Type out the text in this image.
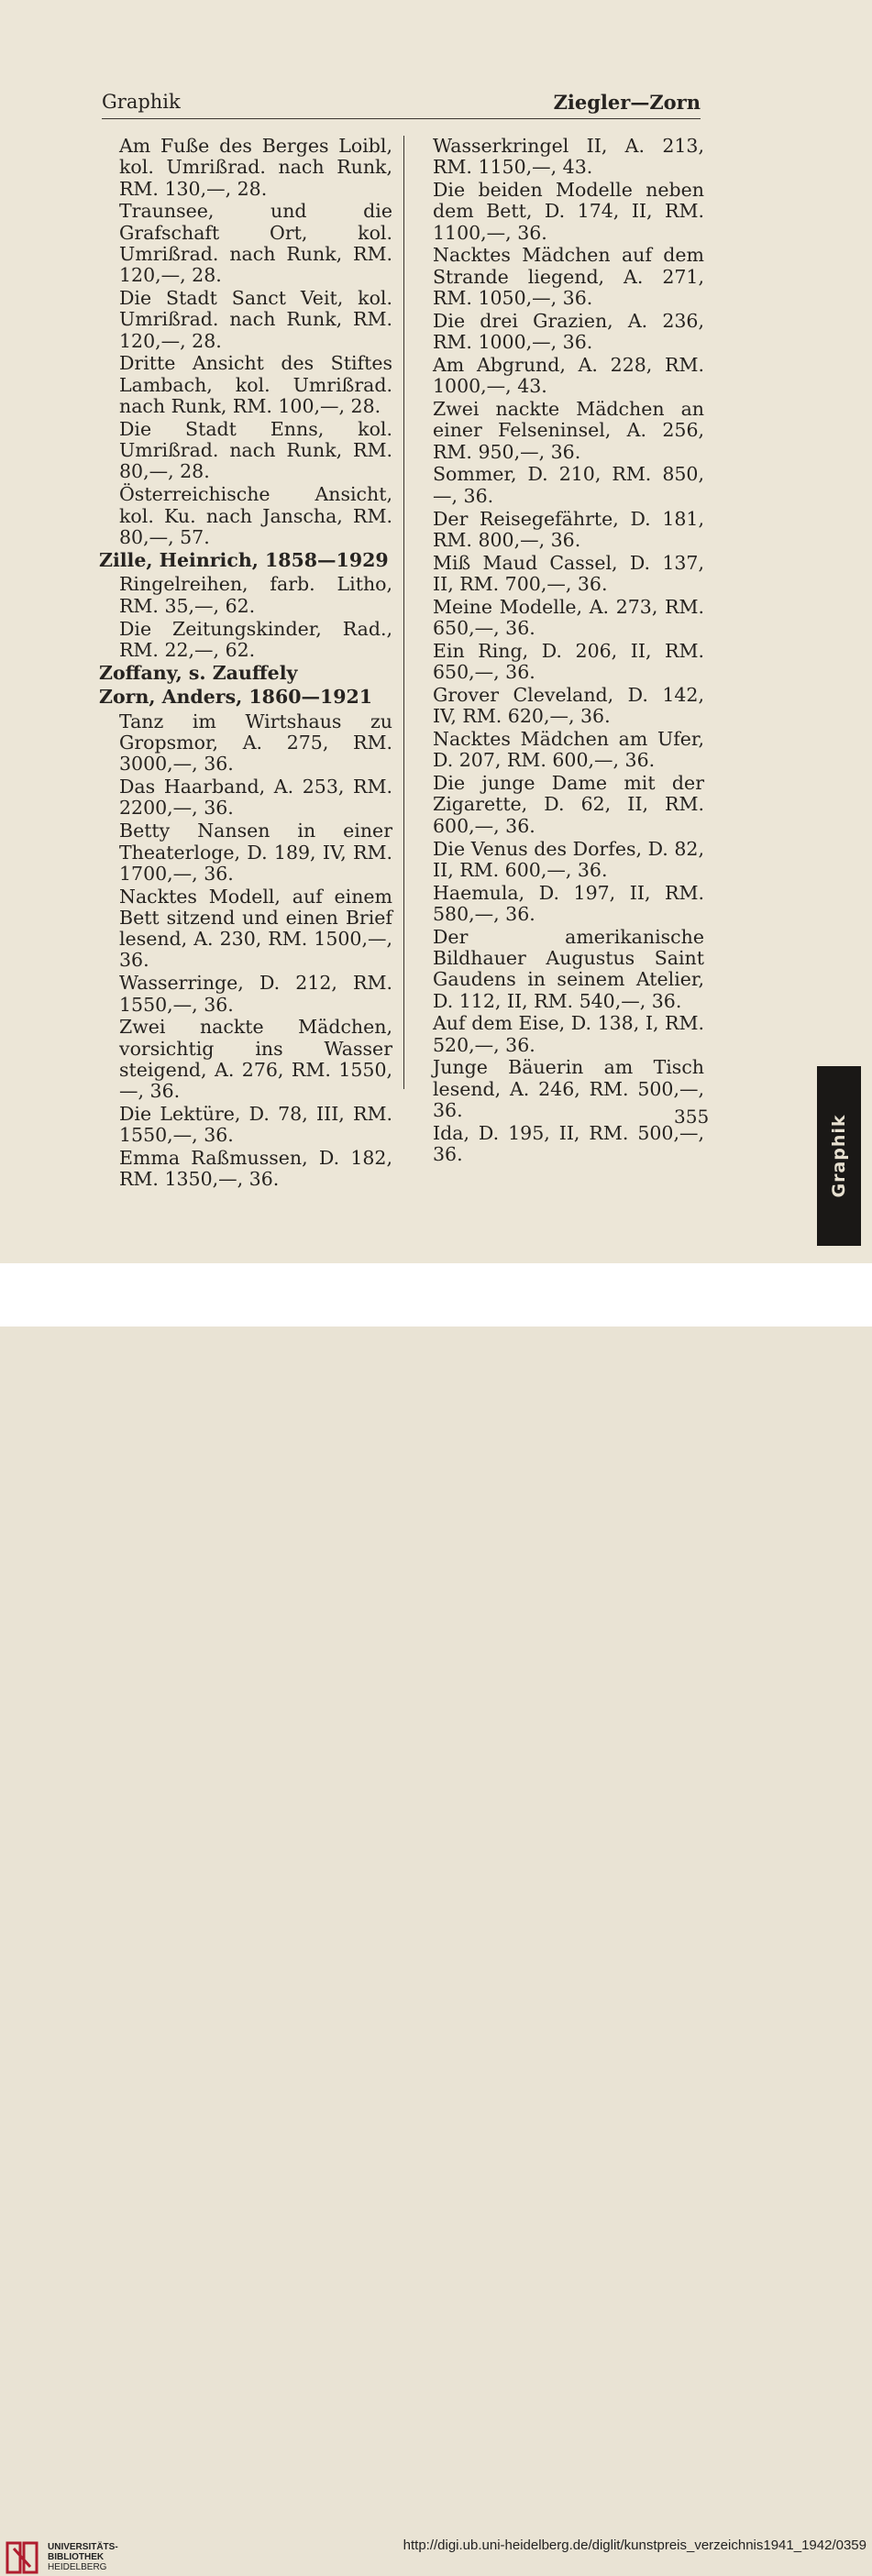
Graphik	Ziegler—Zorn
Am Fuße des Berges Loibl, kol. Umrißrad. nach Runk, RM. 130,—, 28.
Traunsee, und die Grafschaft Ort, kol. Umrißrad. nach Runk, RM. 120,—, 28.
Die Stadt Sanct Veit, kol. Umrißrad. nach Runk, RM. 120,—, 28.
Dritte Ansicht des Stiftes Lambach, kol. Umrißrad. nach Runk, RM. 100,—, 28.
Die Stadt Enns, kol. Umrißrad. nach Runk, RM. 80,—, 28.
Österreichische Ansicht, kol. Ku. nach Janscha, RM. 80,—, 57.
Zille, Heinrich, 1858—1929
Ringelreihen, farb. Litho, RM. 35,—, 62.
Die Zeitungskinder, Rad., RM. 22,—, 62.
Zoffany, s. Zauffely
Zorn, Anders, 1860—1921
Tanz im Wirtshaus zu Gropsmor, A. 275, RM. 3000,—, 36.
Das Haarband, A. 253, RM. 2200,—, 36.
Betty Nansen in einer Theaterloge, D. 189, IV, RM. 1700,—, 36.
Nacktes Modell, auf einem Bett sitzend und einen Brief lesend, A. 230, RM. 1500,—, 36.
Wasserringe, D. 212, RM. 1550,—, 36.
Zwei nackte Mädchen, vorsichtig ins Wasser steigend, A. 276, RM. 1550,—, 36.
Die Lektüre, D. 78, III, RM. 1550,—, 36.
Emma Raßmussen, D. 182, RM. 1350,—, 36.
Wasserkringel II, A. 213, RM. 1150,—, 43.
Die beiden Modelle neben dem Bett, D. 174, II, RM. 1100,—, 36.
Nacktes Mädchen auf dem Strande liegend, A. 271, RM. 1050,—, 36.
Die drei Grazien, A. 236, RM. 1000,—, 36.
Am Abgrund, A. 228, RM. 1000,—, 43.
Zwei nackte Mädchen an einer Felseninsel, A. 256, RM. 950,—, 36.
Sommer, D. 210, RM. 850,—, 36.
Der Reisegefährte, D. 181, RM. 800,—, 36.
Miß Maud Cassel, D. 137, II, RM. 700,—, 36.
Meine Modelle, A. 273, RM. 650,—, 36.
Ein Ring, D. 206, II, RM. 650,—, 36.
Grover Cleveland, D. 142, IV, RM. 620,—, 36.
Nacktes Mädchen am Ufer, D. 207, RM. 600,—, 36.
Die junge Dame mit der Zigarette, D. 62, II, RM. 600,—, 36.
Die Venus des Dorfes, D. 82, II, RM. 600,—, 36.
Haemula, D. 197, II, RM. 580,—, 36.
Der amerikanische Bildhauer Augustus Saint Gaudens in seinem Atelier, D. 112, II, RM. 540,—, 36.
Auf dem Eise, D. 138, I, RM. 520,—, 36.
Junge Bäuerin am Tisch lesend, A. 246, RM. 500,—, 36.
Ida, D. 195, II, RM. 500,—, 36.
355	Graphik
UNIVERSITÄTS-
BIBLIOTHEK
HEIDELBERG
http://digi.ub.uni-heidelberg.de/diglit/kunstpreis_verzeichnis1941_1942/0359
